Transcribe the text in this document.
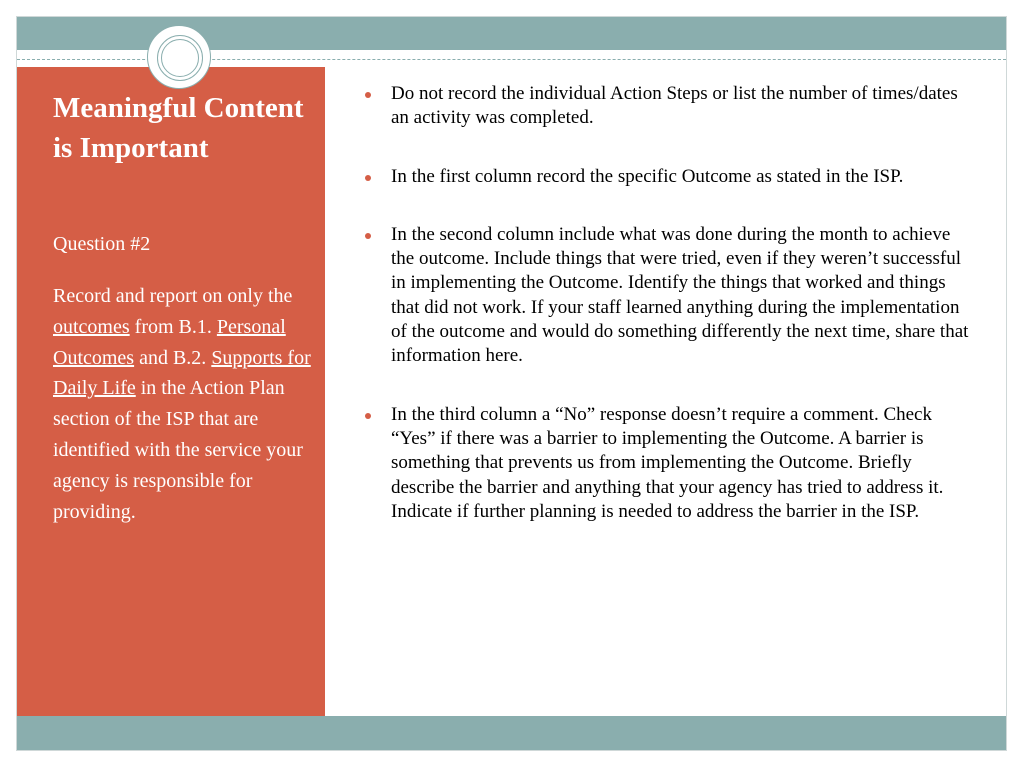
Meaningful Content is Important

Question #2

Record and report on only the outcomes from B.1. Personal Outcomes and B.2. Supports for Daily Life in the Action Plan section of the ISP that are identified with the service your agency is responsible for providing.

Do not record the individual Action Steps or list the number of times/dates an activity was completed.
In the first column record the specific Outcome as stated in the ISP.
In the second column include what was done during the month to achieve the outcome. Include things that were tried, even if they weren’t successful in implementing the Outcome. Identify the things that worked and things that did not work. If your staff learned anything during the implementation of the outcome and would do something differently the next time, share that information here.
In the third column a “No” response doesn’t require a comment. Check “Yes” if there was a barrier to implementing the Outcome. A barrier is something that prevents us from implementing the Outcome. Briefly describe the barrier and anything that your agency has tried to address it. Indicate if further planning is needed to address the barrier in the ISP.
